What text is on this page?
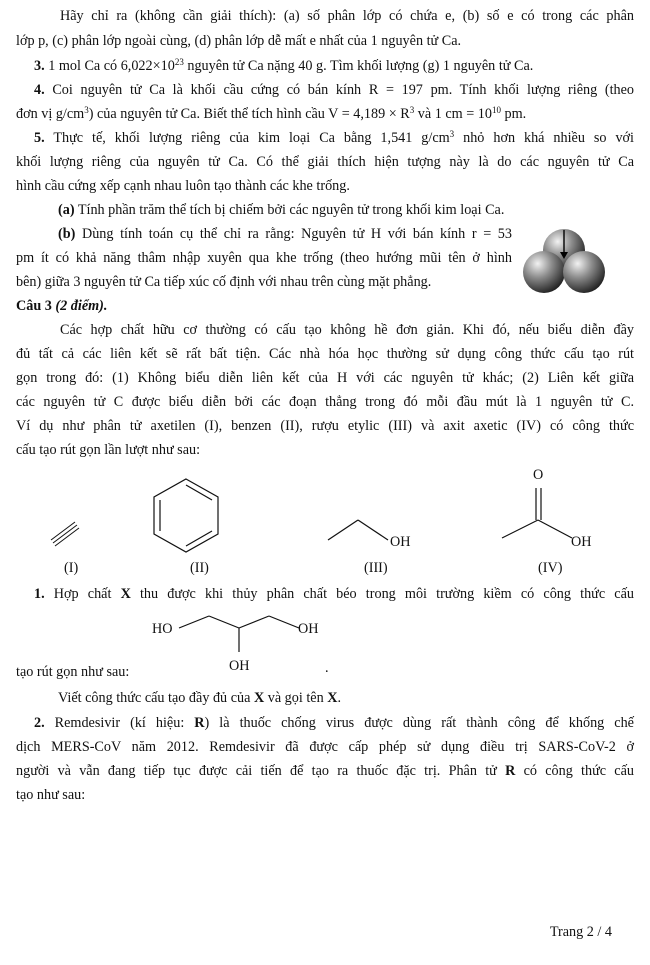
Hãy chỉ ra (không cần giải thích): (a) số phân lớp có chứa e, (b) số e có trong các phân
lớp p, (c) phân lớp ngoài cùng, (d) phân lớp dễ mất e nhất của 1 nguyên tử Ca.
3. 1 mol Ca có $6,022\times 10^{23}$ nguyên tử Ca nặng 40 g. Tìm khối lượng (g) 1 nguyên tử Ca.
4. Coi nguyên tử Ca là khối cầu cứng có bán kính R = 197 pm. Tính khối lượng riêng (theo
đơn vị $g/cm^3$) của nguyên tử Ca. Biết thể tích hình cầu $V = 4,189 \times R^3$ và 1 cm = $10^{10}$ pm.
5. Thực tế, khối lượng riêng của kim loại Ca bằng 1,541 $g/cm^3$ nhỏ hơn khá nhiều so với
khối lượng riêng của nguyên tử Ca. Có thể giải thích hiện tượng này là do các nguyên tử Ca
hình cầu cứng xếp cạnh nhau luôn tạo thành các khe trống.
(a) Tính phần trăm thể tích bị chiếm bởi các nguyên tử trong khối kim loại Ca.
(b) Dùng tính toán cụ thể chỉ ra rằng: Nguyên tử H với bán kính r = 53
pm ít có khả năng thâm nhập xuyên qua khe trống (theo hướng mũi tên ở hình
bên) giữa 3 nguyên tử Ca tiếp xúc cố định với nhau trên cùng mặt phẳng.
Câu 3 (2 điểm).
Các hợp chất hữu cơ thường có cấu tạo không hề đơn giản. Khi đó, nếu biểu diễn đầy
đủ tất cả các liên kết sẽ rất bất tiện. Các nhà hóa học thường sử dụng công thức cấu tạo rút
gọn trong đó: (1) Không biểu diễn liên kết của H với các nguyên tử khác; (2) Liên kết giữa
các nguyên tử C được biểu diễn bởi các đoạn thẳng trong đó mỗi đầu mút là 1 nguyên tử C.
Ví dụ như phân tử axetilen (I), benzen (II), rượu etylic (III) và axit axetic (IV) có công thức
cấu tạo rút gọn lần lượt như sau:
OH
O
OH
(I)	(II)	(III)	(IV)
1. Hợp chất X thu được khi thủy phân chất béo trong môi trường kiềm có công thức cấu
HO	OH
OH
tạo rút gọn như sau:	.
Viết công thức cấu tạo đầy đủ của X và gọi tên X.
2. Remdesivir (kí hiệu: R) là thuốc chống virus được dùng rất thành công để khống chế
dịch MERS-CoV năm 2012. Remdesivir đã được cấp phép sử dụng điều trị SARS-CoV-2 ở
người và vẫn đang tiếp tục được cải tiến để tạo ra thuốc đặc trị. Phân tử R có công thức cấu
tạo như sau:
Trang 2 / 4
